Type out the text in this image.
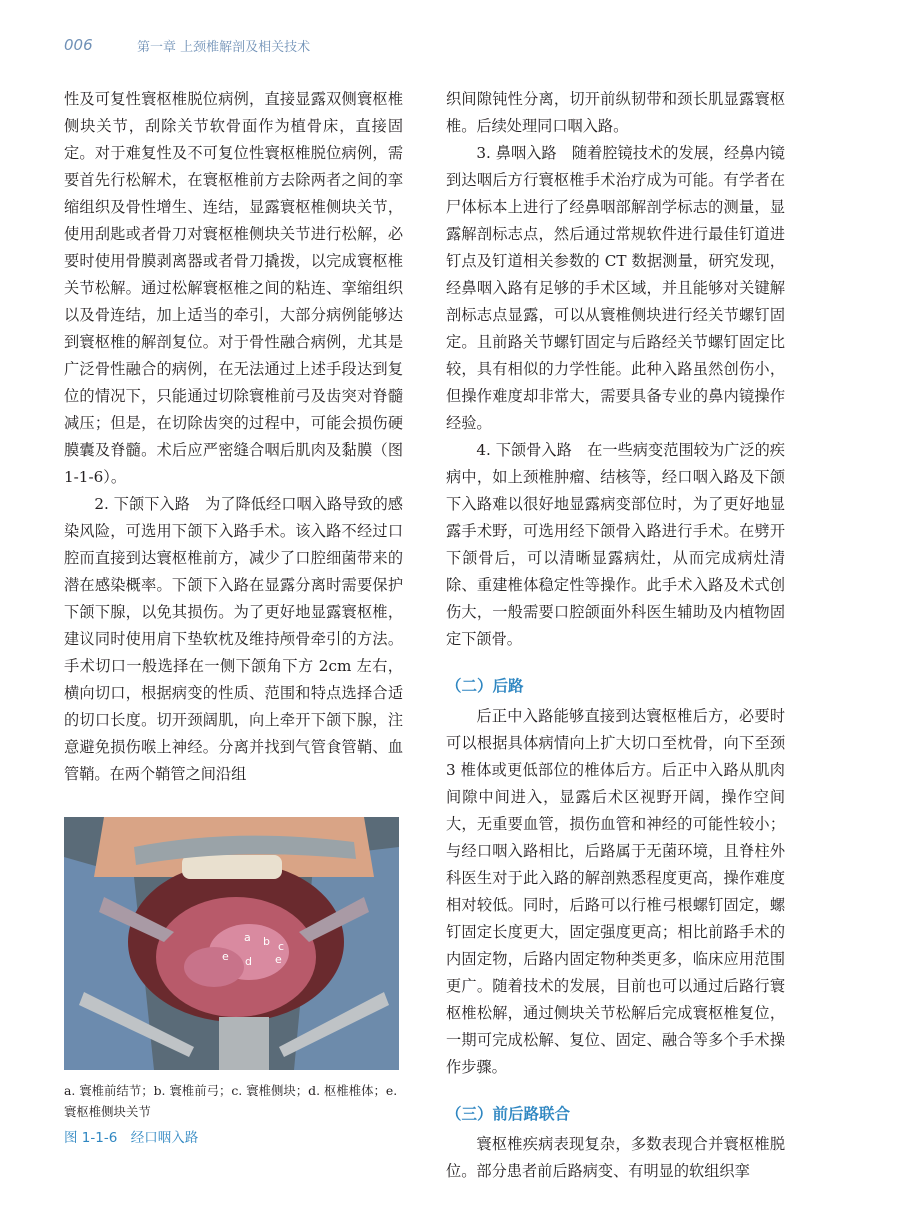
006	第一章 上颈椎解剖及相关技术

性及可复性寰枢椎脱位病例，直接显露双侧寰枢椎侧块关节，刮除关节软骨面作为植骨床，直接固定。对于难复性及不可复位性寰枢椎脱位病例，需要首先行松解术，在寰枢椎前方去除两者之间的挛缩组织及骨性增生、连结，显露寰枢椎侧块关节，使用刮匙或者骨刀对寰枢椎侧块关节进行松解，必要时使用骨膜剥离器或者骨刀撬拨，以完成寰枢椎关节松解。通过松解寰枢椎之间的粘连、挛缩组织以及骨连结，加上适当的牵引，大部分病例能够达到寰枢椎的解剖复位。对于骨性融合病例，尤其是广泛骨性融合的病例，在无法通过上述手段达到复位的情况下，只能通过切除寰椎前弓及齿突对脊髓减压；但是，在切除齿突的过程中，可能会损伤硬膜囊及脊髓。术后应严密缝合咽后肌肉及黏膜（图 1-1-6）。

2. 下颌下入路　为了降低经口咽入路导致的感染风险，可选用下颌下入路手术。该入路不经过口腔而直接到达寰枢椎前方，减少了口腔细菌带来的潜在感染概率。下颌下入路在显露分离时需要保护下颌下腺，以免其损伤。为了更好地显露寰枢椎，建议同时使用肩下垫软枕及维持颅骨牵引的方法。手术切口一般选择在一侧下颌角下方 2cm 左右，横向切口，根据病变的性质、范围和特点选择合适的切口长度。切开颈阔肌，向上牵开下颌下腺，注意避免损伤喉上神经。分离并找到气管食管鞘、血管鞘。在两个鞘管之间沿组

织间隙钝性分离，切开前纵韧带和颈长肌显露寰枢椎。后续处理同口咽入路。

3. 鼻咽入路　随着腔镜技术的发展，经鼻内镜到达咽后方行寰枢椎手术治疗成为可能。有学者在尸体标本上进行了经鼻咽部解剖学标志的测量，显露解剖标志点，然后通过常规软件进行最佳钉道进钉点及钉道相关参数的 CT 数据测量，研究发现，经鼻咽入路有足够的手术区域，并且能够对关键解剖标志点显露，可以从寰椎侧块进行经关节螺钉固定。且前路关节螺钉固定与后路经关节螺钉固定比较，具有相似的力学性能。此种入路虽然创伤小，但操作难度却非常大，需要具备专业的鼻内镜操作经验。

4. 下颌骨入路　在一些病变范围较为广泛的疾病中，如上颈椎肿瘤、结核等，经口咽入路及下颌下入路难以很好地显露病变部位时，为了更好地显露手术野，可选用经下颌骨入路进行手术。在劈开下颌骨后，可以清晰显露病灶，从而完成病灶清除、重建椎体稳定性等操作。此手术入路及术式创伤大，一般需要口腔颌面外科医生辅助及内植物固定下颌骨。

（二）后路

后正中入路能够直接到达寰枢椎后方，必要时可以根据具体病情向上扩大切口至枕骨，向下至颈 3 椎体或更低部位的椎体后方。后正中入路从肌肉间隙中间进入，显露后术区视野开阔，操作空间大，无重要血管，损伤血管和神经的可能性较小；与经口咽入路相比，后路属于无菌环境，且脊柱外科医生对于此入路的解剖熟悉程度更高，操作难度相对较低。同时，后路可以行椎弓根螺钉固定，螺钉固定长度更大，固定强度更高；相比前路手术的内固定物，后路内固定物种类更多，临床应用范围更广。随着技术的发展，目前也可以通过后路行寰枢椎松解，通过侧块关节松解后完成寰枢椎复位，一期可完成松解、复位、固定、融合等多个手术操作步骤。

（三）前后路联合

寰枢椎疾病表现复杂，多数表现合并寰枢椎脱位。部分患者前后路病变、有明显的软组织挛

a b c
d
e	e
a. 寰椎前结节；b. 寰椎前弓；c. 寰椎侧块；d. 枢椎椎体；e. 寰枢椎侧块关节
图 1-1-6　经口咽入路
